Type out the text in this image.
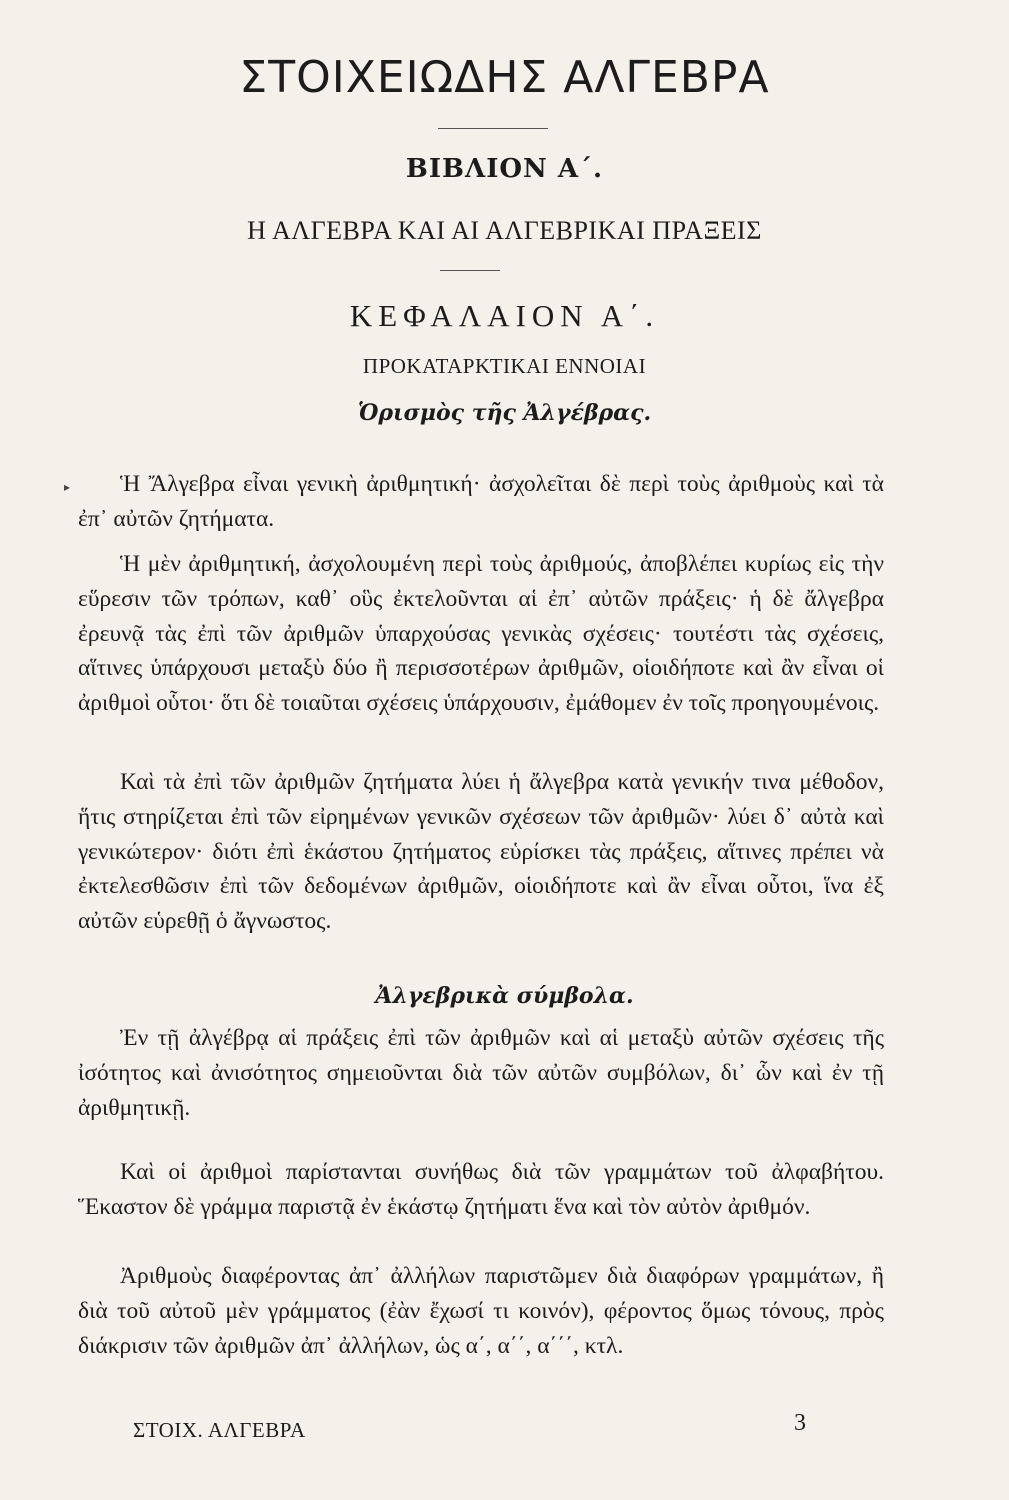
ΣΤΟΙΧΕΙΩΔΗΣ ΑΛΓΕΒΡΑ
ΒΙΒΛΙΟΝ Α΄.
Η ΑΛΓΕΒΡΑ ΚΑΙ ΑΙ ΑΛΓΕΒΡΙΚΑΙ ΠΡΑΞΕΙΣ
ΚΕΦΑΛΑΙΟΝ Α΄.
ΠΡΟΚΑΤΑΡΚΤΙΚΑΙ ΕΝΝΟΙΑΙ
Ὁρισμὸς τῆς Ἀλγέβρας.
▸	Ἡ Ἄλγεβρα εἶναι γενικὴ ἀριθμητική· ἀσχολεῖται δὲ περὶ τοὺς ἀριθμοὺς καὶ τὰ ἐπ᾽ αὐτῶν ζητήματα.

Ἡ μὲν ἀριθμητική, ἀσχολουμένη περὶ τοὺς ἀριθμούς, ἀποβλέπει κυρίως εἰς τὴν εὕρεσιν τῶν τρόπων, καθ᾽ οὓς ἐκτελοῦνται αἱ ἐπ᾽ αὐτῶν πράξεις· ἡ δὲ ἄλγεβρα ἐρευνᾷ τὰς ἐπὶ τῶν ἀριθμῶν ὑπαρχούσας γενικὰς σχέσεις· τουτέστι τὰς σχέσεις, αἵτινες ὑπάρχουσι μεταξὺ δύο ἢ περισσοτέρων ἀριθμῶν, οἱοιδήποτε καὶ ἂν εἶναι οἱ ἀριθμοὶ οὗτοι· ὅτι δὲ τοιαῦται σχέσεις ὑπάρχουσιν, ἐμάθομεν ἐν τοῖς προηγουμένοις.

Καὶ τὰ ἐπὶ τῶν ἀριθμῶν ζητήματα λύει ἡ ἄλγεβρα κατὰ γενικήν τινα μέθοδον, ἥτις στηρίζεται ἐπὶ τῶν εἰρημένων γενικῶν σχέσεων τῶν ἀριθμῶν· λύει δ᾽ αὐτὰ καὶ γενικώτερον· διότι ἐπὶ ἑκάστου ζητήματος εὑρίσκει τὰς πράξεις, αἵτινες πρέπει νὰ ἐκτελεσθῶσιν ἐπὶ τῶν δεδομένων ἀριθμῶν, οἱοιδήποτε καὶ ἂν εἶναι οὗτοι, ἵνα ἐξ αὐτῶν εὑρεθῇ ὁ ἄγνωστος.

Ἀλγεβρικὰ σύμβολα.

Ἐν τῇ ἀλγέβρᾳ αἱ πράξεις ἐπὶ τῶν ἀριθμῶν καὶ αἱ μεταξὺ αὐτῶν σχέσεις τῆς ἰσότητος καὶ ἀνισότητος σημειοῦνται διὰ τῶν αὐτῶν συμβόλων, δι᾽ ὧν καὶ ἐν τῇ ἀριθμητικῇ.

Καὶ οἱ ἀριθμοὶ παρίστανται συνήθως διὰ τῶν γραμμάτων τοῦ ἀλφαβήτου. Ἕκαστον δὲ γράμμα παριστᾷ ἐν ἑκάστῳ ζητήματι ἕνα καὶ τὸν αὐτὸν ἀριθμόν.

Ἀριθμοὺς διαφέροντας ἀπ᾽ ἀλλήλων παριστῶμεν διὰ διαφόρων γραμμάτων, ἢ διὰ τοῦ αὐτοῦ μὲν γράμματος (ἐὰν ἔχωσί τι κοινόν), φέροντος ὅμως τόνους, πρὸς διάκρισιν τῶν ἀριθμῶν ἀπ᾽ ἀλλήλων, ὡς α΄, α΄΄, α΄΄΄, κτλ.

ΣΤΟΙΧ. ΑΛΓΕΒΡΑ	3
